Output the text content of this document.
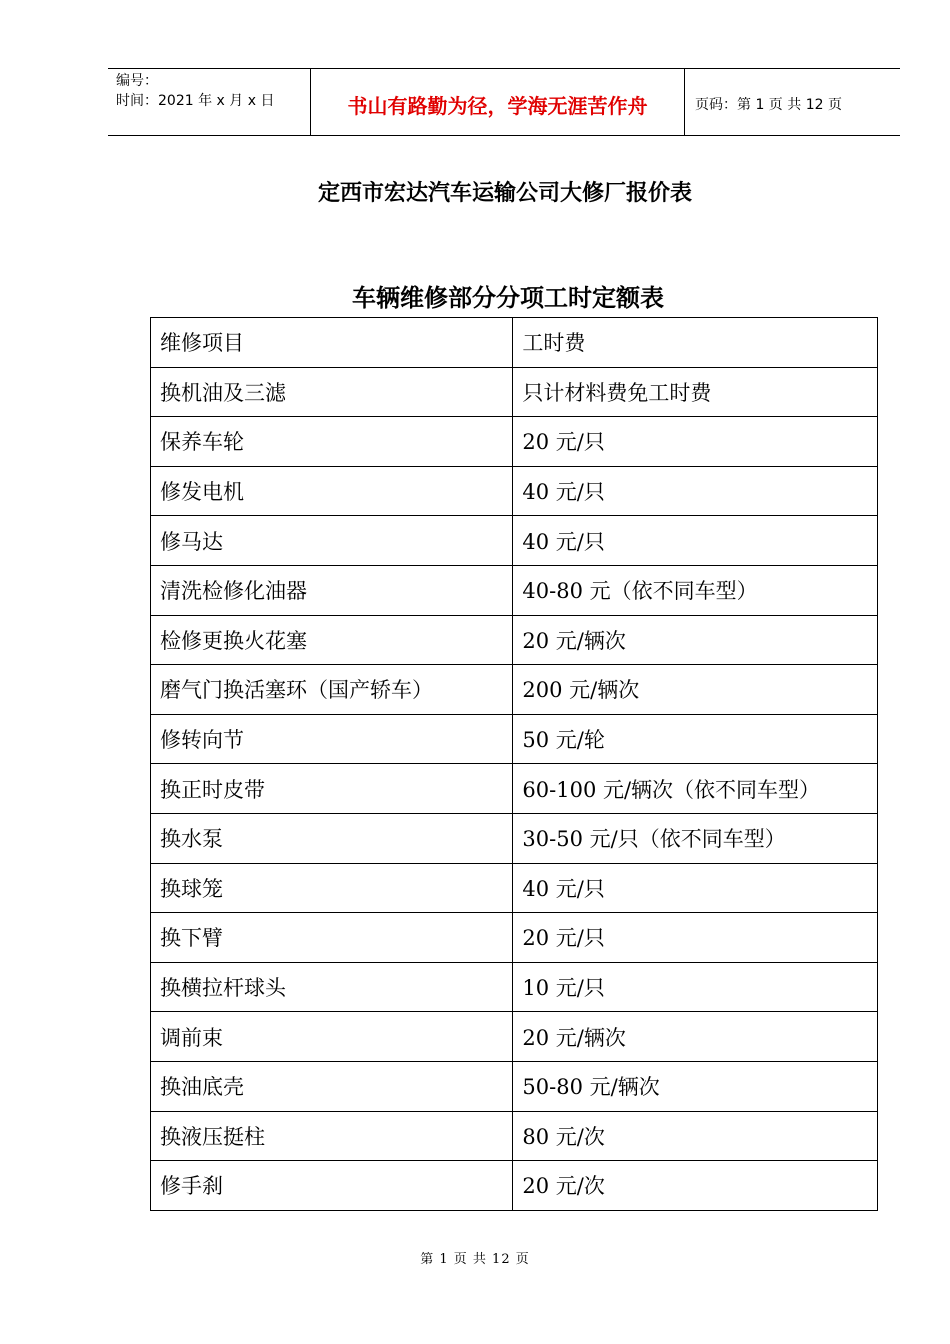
编号：
时间：2021 年 x 月 x 日	书山有路勤为径，学海无涯苦作舟	页码：第 1 页 共 12 页
定西市宏达汽车运输公司大修厂报价表
车辆维修部分分项工时定额表
维修项目	工时费
换机油及三滤	只计材料费免工时费
保养车轮	20 元/只
修发电机	40 元/只
修马达	40 元/只
清洗检修化油器	40-80 元（依不同车型）
检修更换火花塞	20 元/辆次
磨气门换活塞环（国产轿车）	200 元/辆次
修转向节	50 元/轮
换正时皮带	60-100 元/辆次（依不同车型）
换水泵	30-50 元/只（依不同车型）
换球笼	40 元/只
换下臂	20 元/只
换横拉杆球头	10 元/只
调前束	20 元/辆次
换油底壳	50-80 元/辆次
换液压挺柱	80 元/次
修手刹	20 元/次
第 1 页 共 12 页
